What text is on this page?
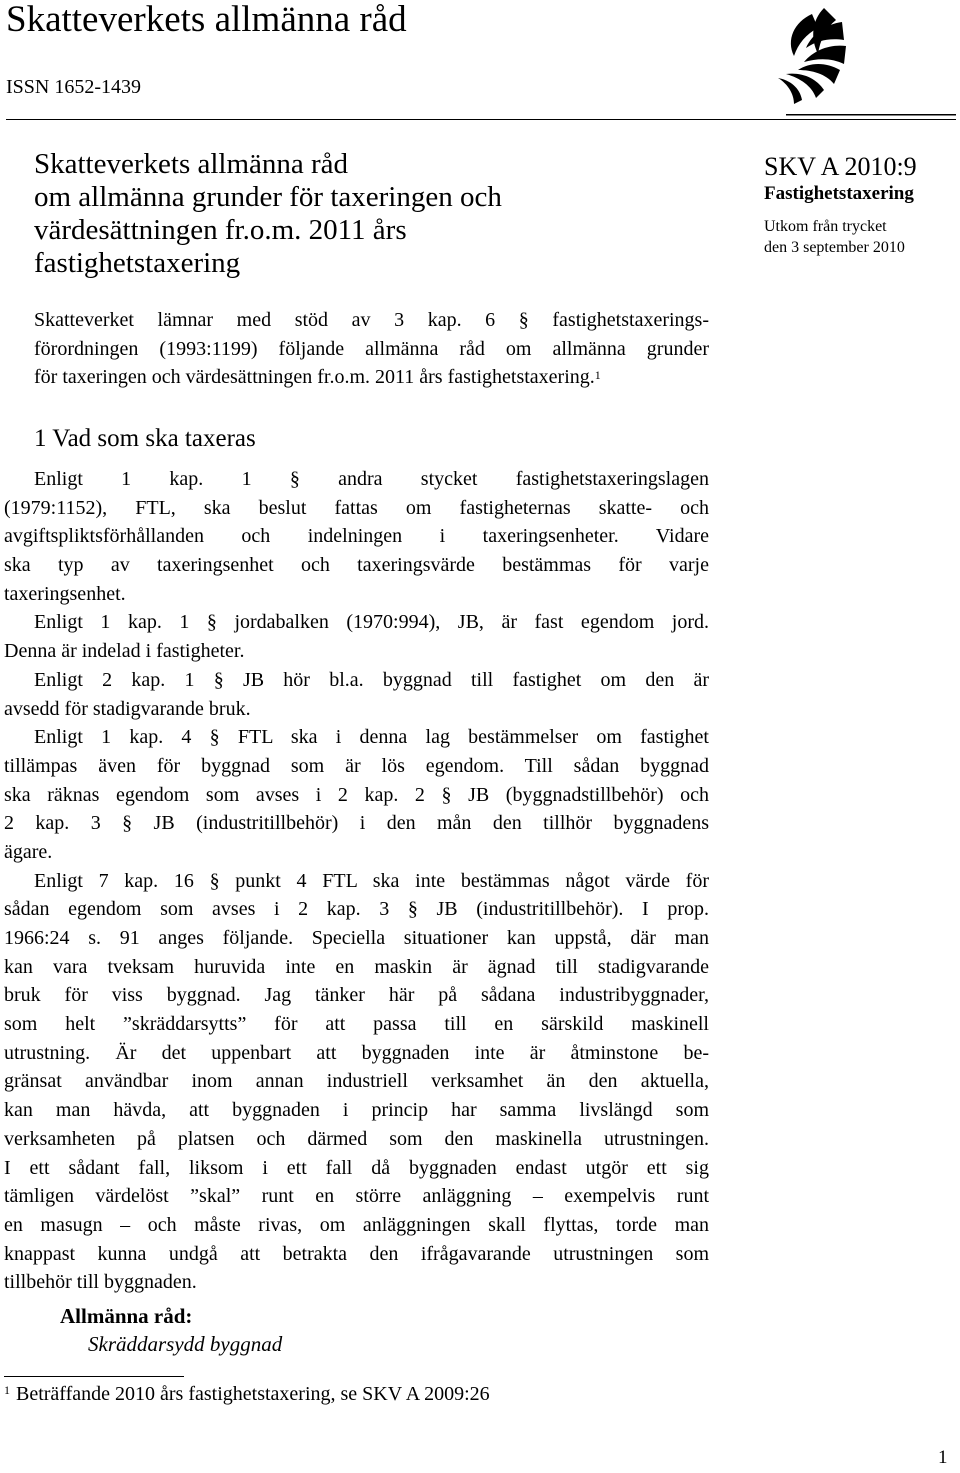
Skatteverkets allmänna råd
ISSN 1652-1439
Skatteverkets allmänna råd
om allmänna grunder för taxeringen och
värdesättningen fr.o.m. 2011 års
fastighetstaxering
SKV A 2010:9
Fastighetstaxering
Utkom från trycket
den 3 september 2010
Skatteverket lämnar med stöd av 3 kap. 6 § fastighetstaxerings-
förordningen (1993:1199) följande allmänna råd om allmänna grunder
för taxeringen och värdesättningen fr.o.m. 2011 års fastighetstaxering.$^1$
1 Vad som ska taxeras
Enligt 1 kap. 1 § andra stycket fastighetstaxeringslagen
(1979:1152), FTL, ska beslut fattas om fastigheternas skatte- och
avgiftspliktsförhållanden och indelningen i taxeringsenheter. Vidare
ska typ av taxeringsenhet och taxeringsvärde bestämmas för varje
taxeringsenhet.
Enligt 1 kap. 1 § jordabalken (1970:994), JB, är fast egendom jord.
Denna är indelad i fastigheter.
Enligt 2 kap. 1 § JB hör bl.a. byggnad till fastighet om den är
avsedd för stadigvarande bruk.
Enligt 1 kap. 4 § FTL ska i denna lag bestämmelser om fastighet
tillämpas även för byggnad som är lös egendom. Till sådan byggnad
ska räknas egendom som avses i 2 kap. 2 § JB (byggnadstillbehör) och
2 kap. 3 § JB (industritillbehör) i den mån den tillhör byggnadens
ägare.
Enligt 7 kap. 16 § punkt 4 FTL ska inte bestämmas något värde för
sådan egendom som avses i 2 kap. 3 § JB (industritillbehör). I prop.
1966:24 s. 91 anges följande. Speciella situationer kan uppstå, där man
kan vara tveksam huruvida inte en maskin är ägnad till stadigvarande
bruk för viss byggnad. Jag tänker här på sådana industribyggnader,
som helt ”skräddarsytts” för att passa till en särskild maskinell
utrustning. Är det uppenbart att byggnaden inte är åtminstone be-
gränsat användbar inom annan industriell verksamhet än den aktuella,
kan man hävda, att byggnaden i princip har samma livslängd som
verksamheten på platsen och därmed som den maskinella utrustningen.
I ett sådant fall, liksom i ett fall då byggnaden endast utgör ett sig
tämligen värdelöst ”skal” runt en större anläggning – exempelvis runt
en masugn – och måste rivas, om anläggningen skall flyttas, torde man
knappast kunna undgå att betrakta den ifrågavarande utrustningen som
tillbehör till byggnaden.
Allmänna råd:
Skräddarsydd byggnad
$^1$ Beträffande 2010 års fastighetstaxering, se SKV A 2009:26
1
